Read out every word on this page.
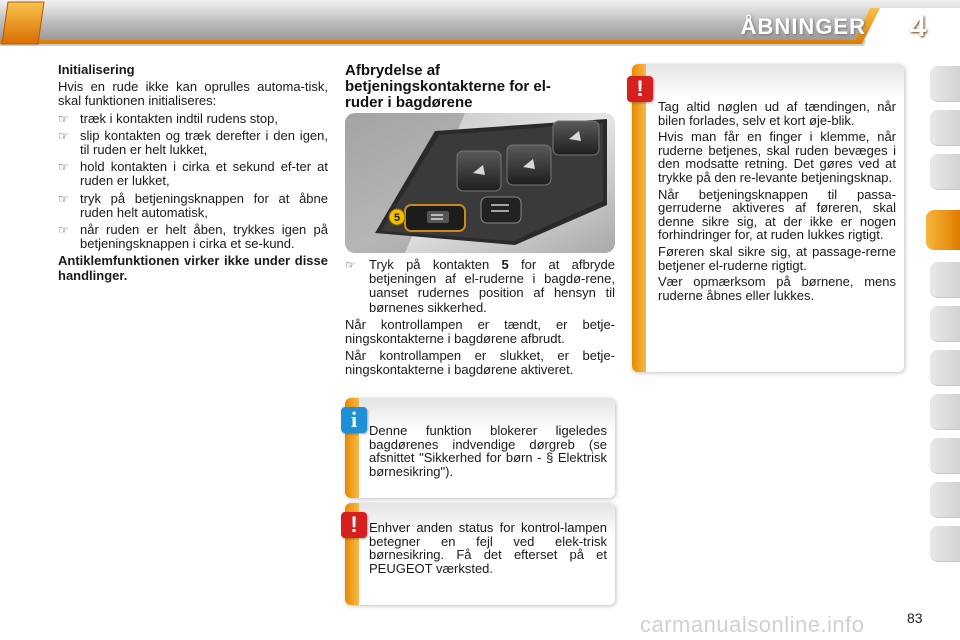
ÅBNINGER	4
Initialisering

Hvis en rude ikke kan oprulles automa-tisk, skal funktionen initialiseres:

☞ træk i kontakten indtil rudens stop,
☞ slip kontakten og træk derefter i den igen, til ruden er helt lukket,
☞ hold kontakten i cirka et sekund ef-ter at ruden er lukket,
☞ tryk på betjeningsknappen for at åbne ruden helt automatisk,
☞ når ruden er helt åben, trykkes igen på betjeningsknappen i cirka et se-kund.

Antiklemfunktionen virker ikke under disse handlinger.

Afbrydelse af betjeningskontakterne for el-ruder i bagdørene
5
☞	Tryk på kontakten 5 for at afbryde betjeningen af el-ruderne i bagdø-rene, uanset rudernes position af hensyn til børnenes sikkerhed.

Når kontrollampen er tændt, er betje-ningskontakterne i bagdørene afbrudt.

Når kontrollampen er slukket, er betje-ningskontakterne i bagdørene aktiveret.

Tag altid nøglen ud af tændingen, når bilen forlades, selv et kort øje-blik.

Hvis man får en finger i klemme, når ruderne betjenes, skal ruden bevæges i den modsatte retning. Det gøres ved at trykke på den re-levante betjeningsknap.

Når betjeningsknappen til passa-gerruderne aktiveres af føreren, skal denne sikre sig, at der ikke er nogen forhindringer for, at ruden lukkes rigtigt.

Føreren skal sikre sig, at passage-rerne betjener el-ruderne rigtigt.

Vær opmærksom på børnene, mens ruderne åbnes eller lukkes.

!
Denne funktion blokerer ligeledes bagdørenes indvendige dørgreb (se afsnittet "Sikkerhed for børn - § Elektrisk børnesikring").
i
Enhver anden status for kontrol-lampen betegner en fejl ved elek-trisk børnesikring. Få det efterset på et PEUGEOT værksted.
!
carmanualsonline.info	83
